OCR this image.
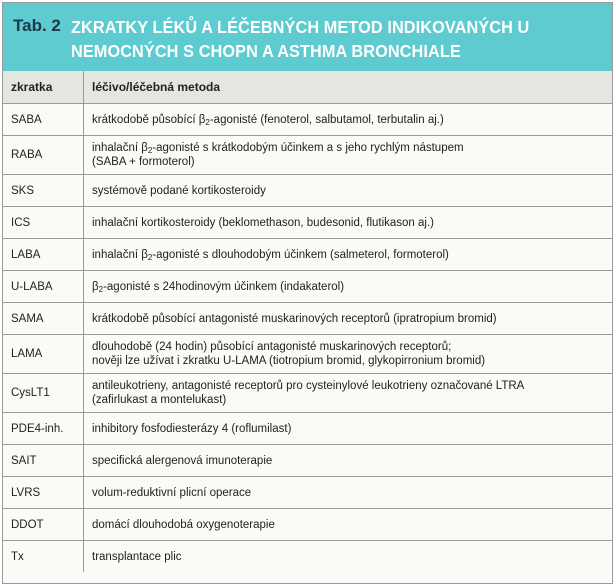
Tab. 2 ZKRATKY LÉKŮ A LÉČEBNÝCH METOD INDIKOVANÝCH U NEMOCNÝCH S CHOPN A ASTHMA BRONCHIALE
zkratka	léčivo/léčebná metoda
SABA	krátkodobě působící $\beta_2$-agonisté (fenoterol, salbutamol, terbutalin aj.)
RABA	inhalační $\beta_2$-agonisté s krátkodobým účinkem a s jeho rychlým nástupem
(SABA + formoterol)
SKS	systémově podané kortikosteroidy
ICS	inhalační kortikosteroidy (beklomethason, budesonid, flutikason aj.)
LABA	inhalační $\beta_2$-agonisté s dlouhodobým účinkem (salmeterol, formoterol)
U-LABA	$\beta_2$-agonisté s 24hodinovým účinkem (indakaterol)
SAMA	krátkodobě působící antagonisté muskarinových receptorů (ipratropium bromid)
LAMA	dlouhodobě (24 hodin) působící antagonisté muskarinových receptorů;
nověji lze užívat i zkratku U-LAMA (tiotropium bromid, glykopirronium bromid)
CysLT1	antileukotrieny, antagonisté receptorů pro cysteinylové leukotrieny označované LTRA
(zafirlukast a montelukast)
PDE4-inh.	inhibitory fosfodiesterázy 4 (roflumilast)
SAIT	specifická alergenová imunoterapie
LVRS	volum-reduktivní plicní operace
DDOT	domácí dlouhodobá oxygenoterapie
Tx	transplantace plic
